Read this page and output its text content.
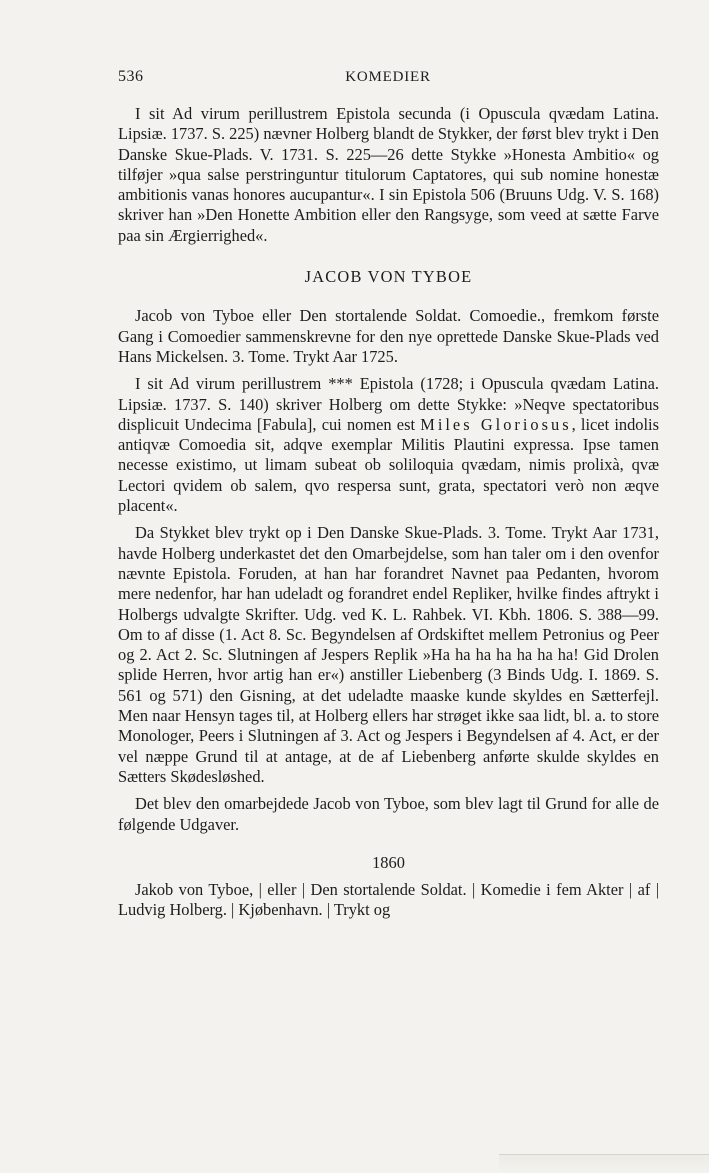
536	KOMEDIER

I sit Ad virum perillustrem Epistola secunda (i Opuscula qvædam Latina. Lipsiæ. 1737. S. 225) nævner Holberg blandt de Stykker, der først blev trykt i Den Danske Skue-Plads. V. 1731. S. 225—26 dette Stykke »Honesta Ambitio« og tilføjer »qua salse perstringuntur titulorum Captatores, qui sub nomine honestæ ambitionis vanas honores aucupantur«. I sin Epistola 506 (Bruuns Udg. V. S. 168) skriver han »Den Honette Ambition eller den Rangsyge, som veed at sætte Farve paa sin Ærgierrighed«.

JACOB VON TYBOE

Jacob von Tyboe eller Den stortalende Soldat. Comoedie., fremkom første Gang i Comoedier sammenskrevne for den nye oprettede Danske Skue-Plads ved Hans Mickelsen. 3. Tome. Trykt Aar 1725.

I sit Ad virum perillustrem *** Epistola (1728; i Opuscula qvædam Latina. Lipsiæ. 1737. S. 140) skriver Holberg om dette Stykke: »Neqve spectatoribus displicuit Undecima [Fabula], cui nomen est Miles Gloriosus, licet indolis antiqvæ Comoedia sit, adqve exemplar Militis Plautini expressa. Ipse tamen necesse existimo, ut limam subeat ob soliloquia qvædam, nimis prolixà, qvæ Lectori qvidem ob salem, qvo respersa sunt, grata, spectatori verò non æqve placent«.

Da Stykket blev trykt op i Den Danske Skue-Plads. 3. Tome. Trykt Aar 1731, havde Holberg underkastet det den Omarbejdelse, som han taler om i den ovenfor nævnte Epistola. Foruden, at han har forandret Navnet paa Pedanten, hvorom mere nedenfor, har han udeladt og forandret endel Repliker, hvilke findes aftrykt i Holbergs udvalgte Skrifter. Udg. ved K. L. Rahbek. VI. Kbh. 1806. S. 388—99. Om to af disse (1. Act 8. Sc. Begyndelsen af Ordskiftet mellem Petronius og Peer og 2. Act 2. Sc. Slutningen af Jespers Replik »Ha ha ha ha ha ha ha! Gid Drolen splide Herren, hvor artig han er«) anstiller Liebenberg (3 Binds Udg. I. 1869. S. 561 og 571) den Gisning, at det udeladte maaske kunde skyldes en Sætterfejl. Men naar Hensyn tages til, at Holberg ellers har strøget ikke saa lidt, bl. a. to store Monologer, Peers i Slutningen af 3. Act og Jespers i Begyndelsen af 4. Act, er der vel næppe Grund til at antage, at de af Liebenberg anførte skulde skyldes en Sætters Skødesløshed.

Det blev den omarbejdede Jacob von Tyboe, som blev lagt til Grund for alle de følgende Udgaver.

1860

Jakob von Tyboe, | eller | Den stortalende Soldat. | Komedie i fem Akter | af | Ludvig Holberg. | Kjøbenhavn. | Trykt og
